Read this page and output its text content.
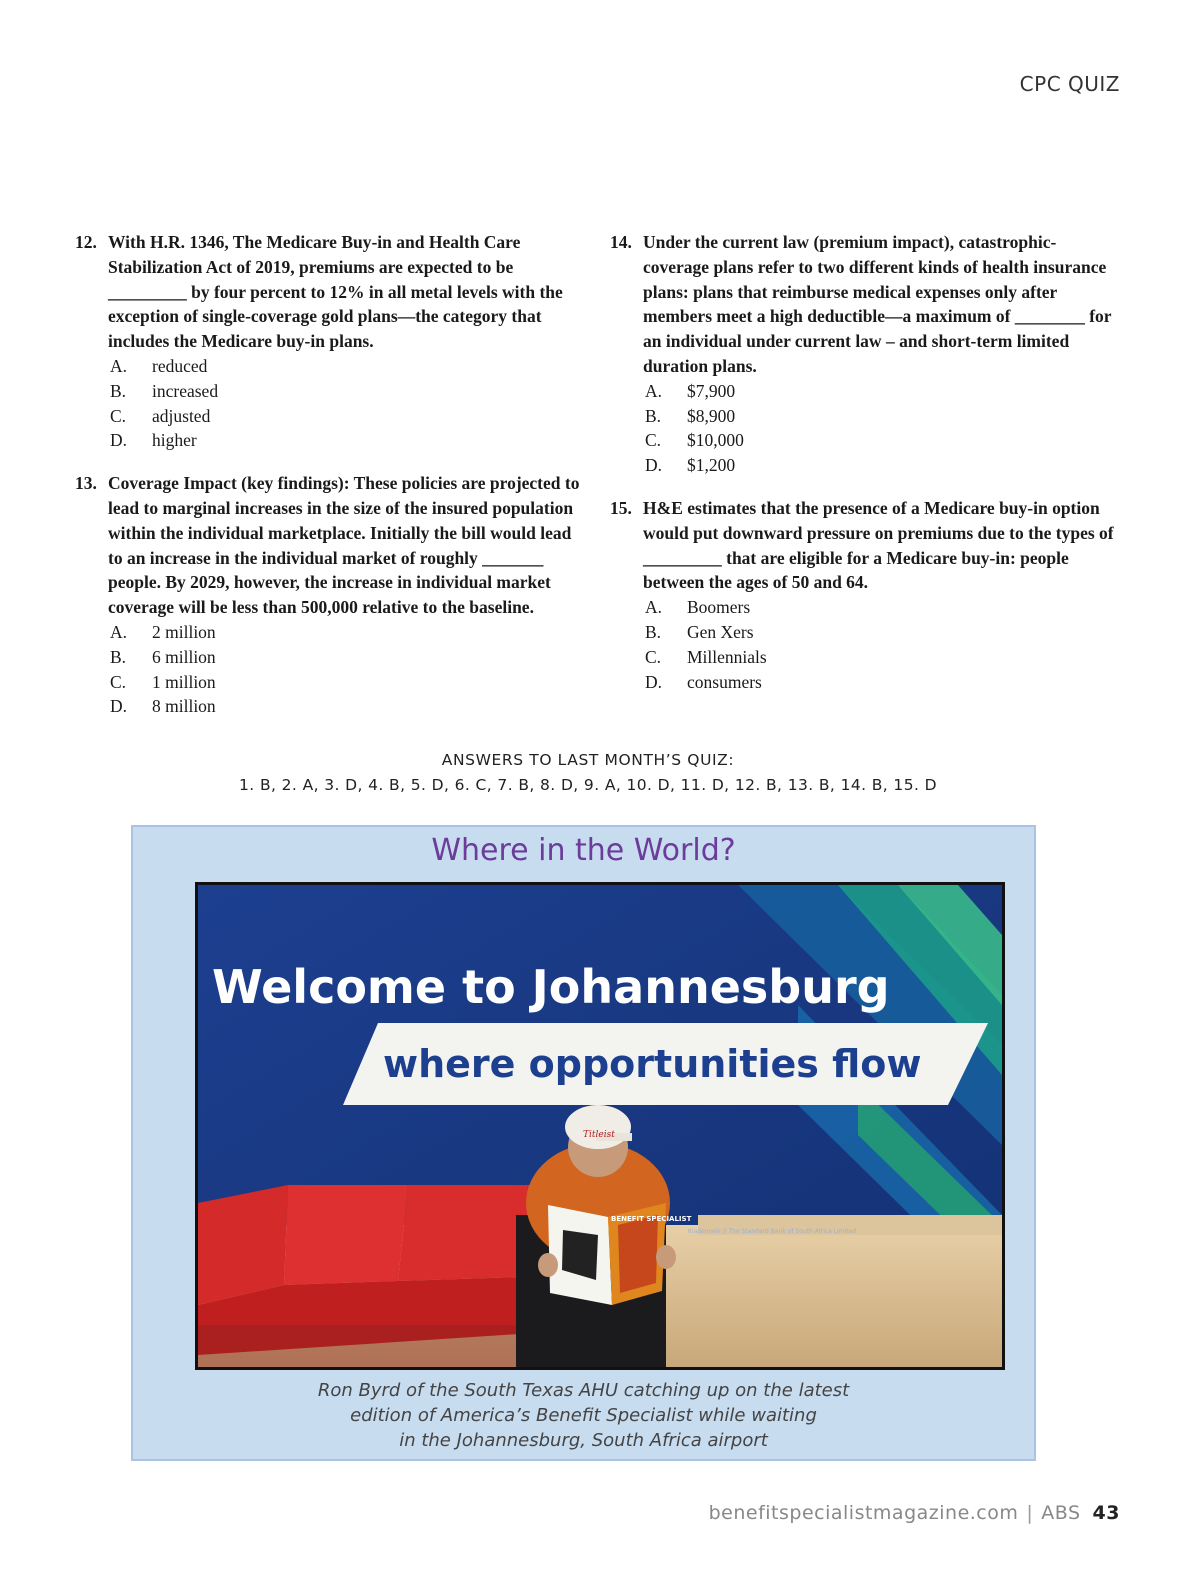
CPC QUIZ
12. With H.R. 1346, The Medicare Buy-in and Health Care Stabilization Act of 2019, premiums are expected to be _________ by four percent to 12% in all metal levels with the exception of single-coverage gold plans—the category that includes the Medicare buy-in plans.

A.	reduced
B.	increased
C.	adjusted
D.	higher
13. Coverage Impact (key findings): These policies are projected to lead to marginal increases in the size of the insured population within the individual marketplace. Initially the bill would lead to an increase in the individual market of roughly _______ people. By 2029, however, the increase in individual market coverage will be less than 500,000 relative to the baseline.

A.	2 million
B.	6 million
C.	1 million
D.	8 million
14. Under the current law (premium impact), catastrophic-coverage plans refer to two different kinds of health insurance plans: plans that reimburse medical expenses only after members meet a high deductible—a maximum of ________ for an individual under current law – and short-term limited duration plans.

A.	$7,900
B.	$8,900
C.	$10,000
D.	$1,200
15. H&E estimates that the presence of a Medicare buy-in option would put downward pressure on premiums due to the types of _________ that are eligible for a Medicare buy-in: people between the ages of 50 and 64.

A.	Boomers
B.	Gen Xers
C.	Millennials
D.	consumers
ANSWERS TO LAST MONTH’S QUIZ:
1. B, 2. A, 3. D, 4. B, 5. D, 6. C, 7. B, 8. D, 9. A, 10. D, 11. D, 12. B, 13. B, 14. B, 15. D
Where in the World?
Welcome to Johannesburg
where opportunities flow
Kiadenveis // The Standard Bank of South Africa Limited
Titleist
BENEFIT SPECIALIST
Ron Byrd of the South Texas AHU catching up on the latest
edition of America’s Benefit Specialist while waiting
in the Johannesburg, South Africa airport
benefitspecialistmagazine.com | ABS 43
